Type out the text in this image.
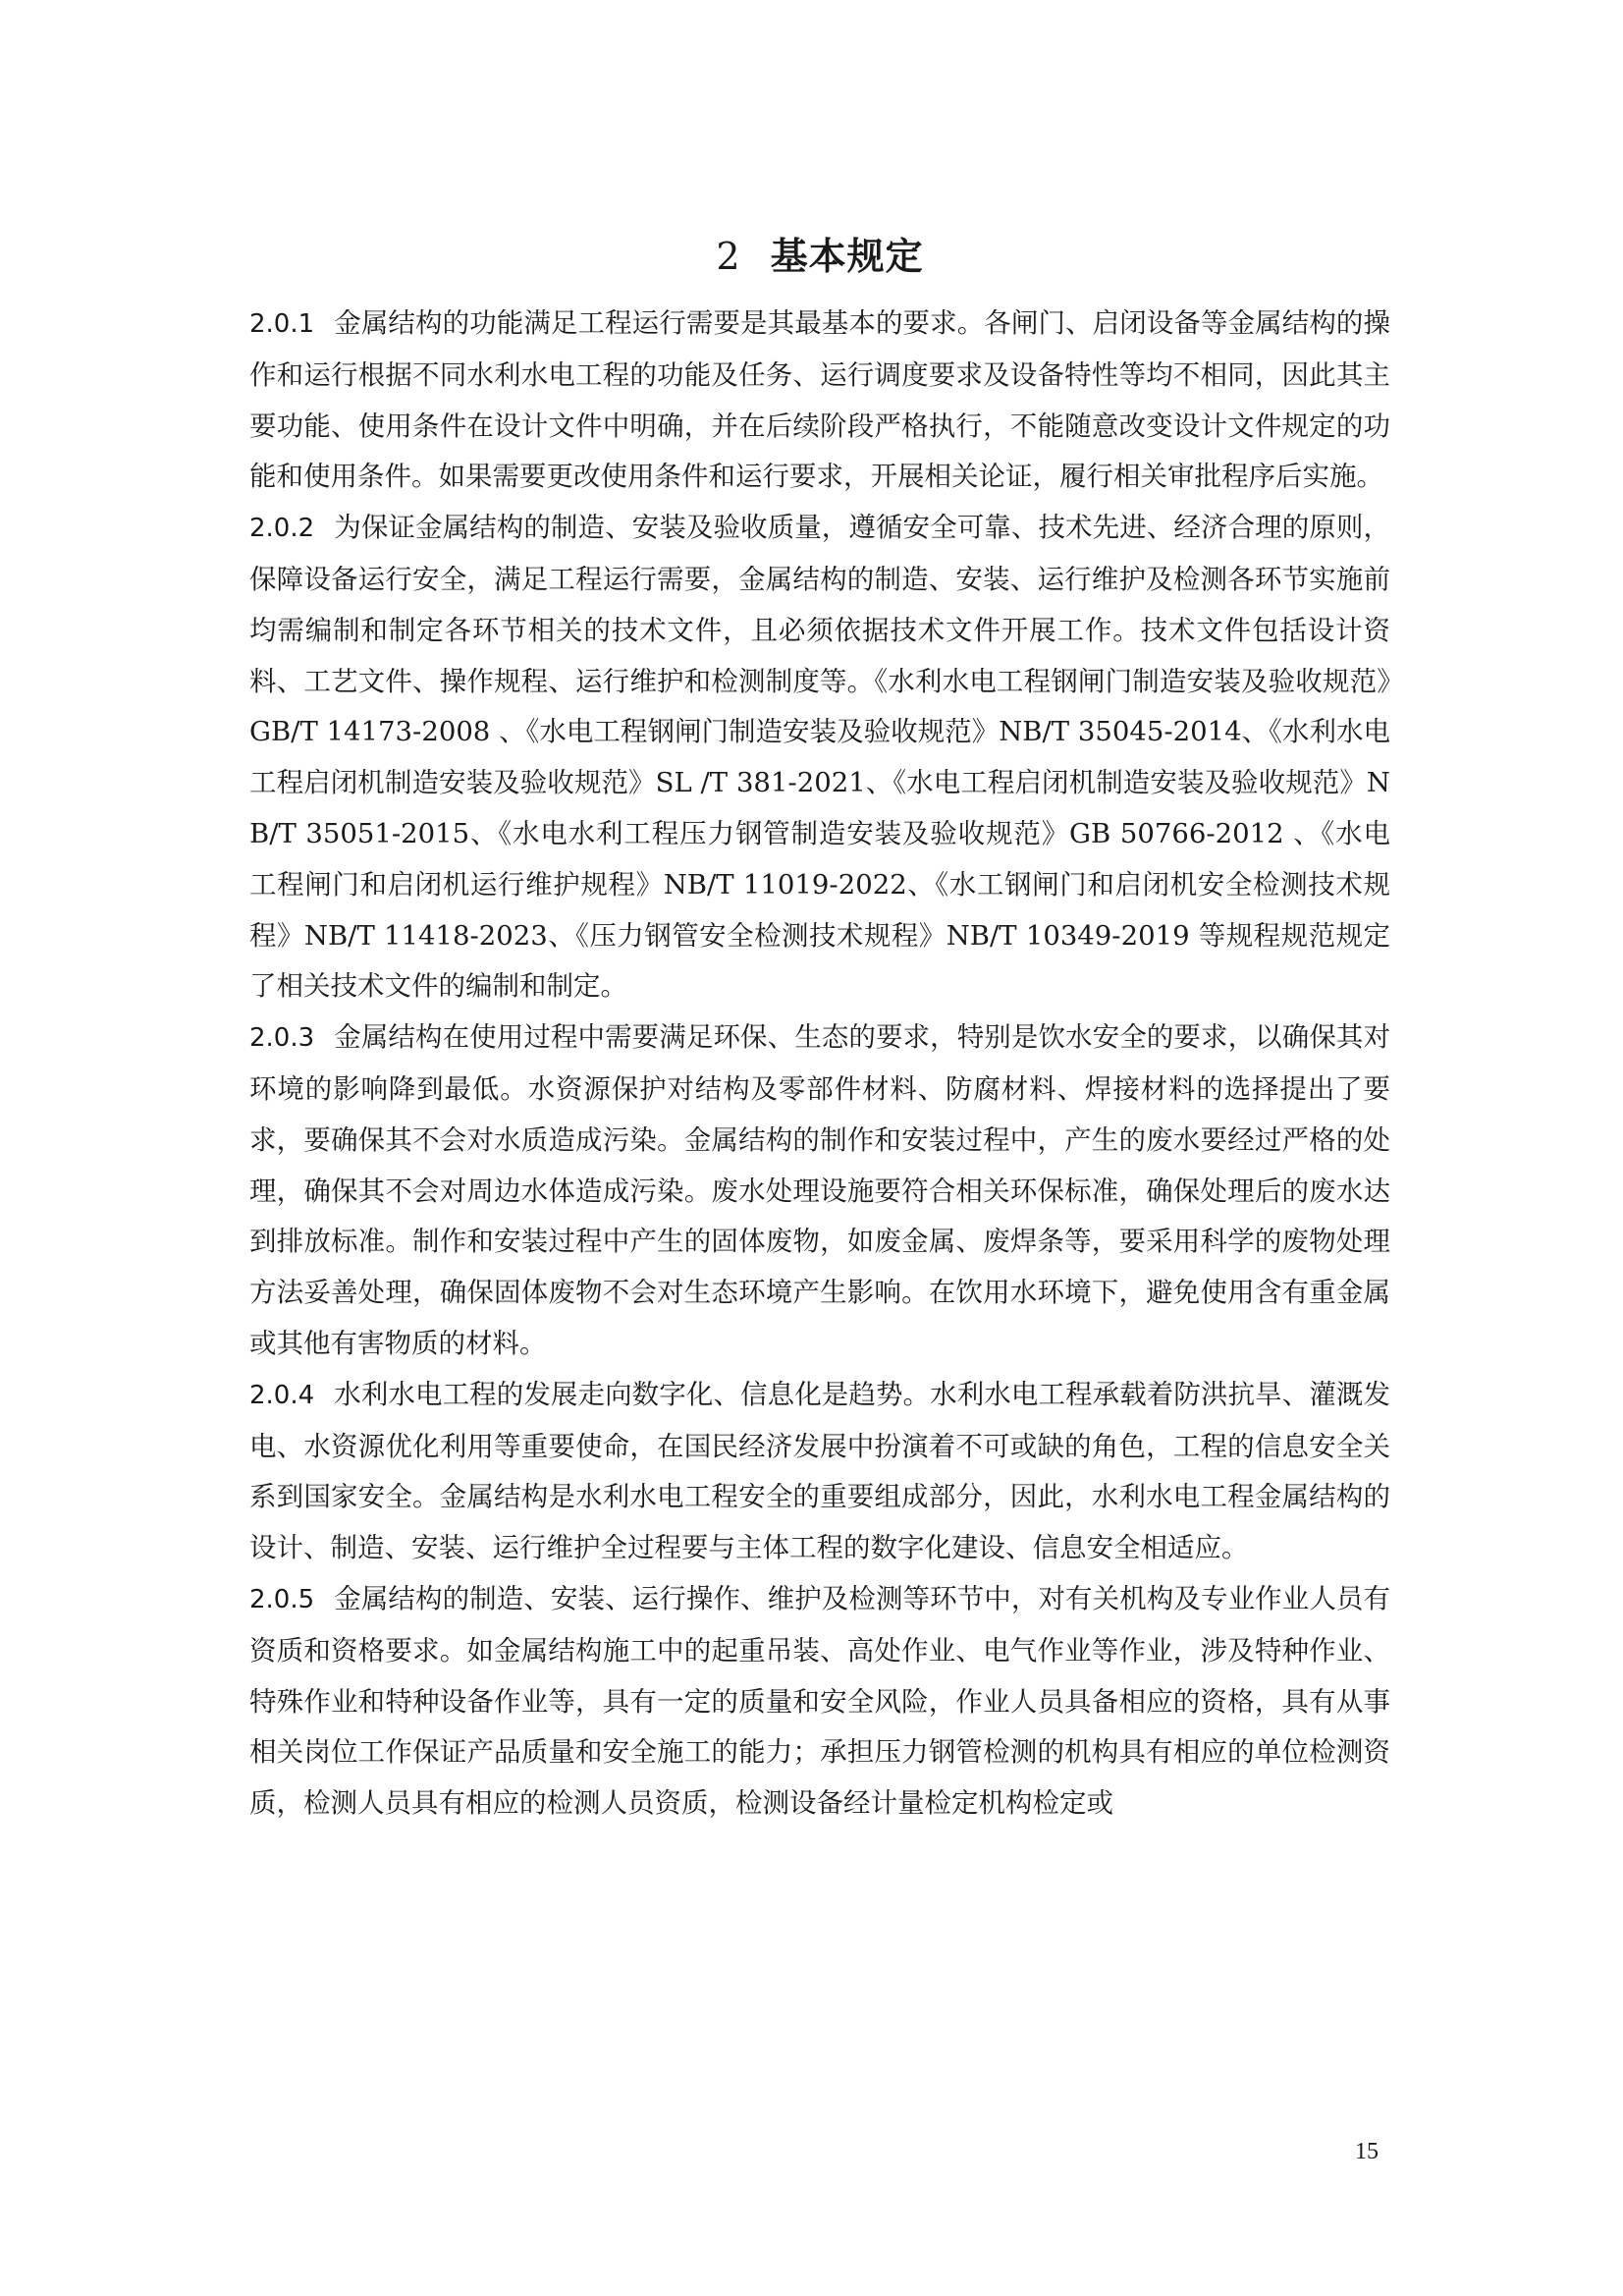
2 基本规定

2.0.1 金属结构的功能满足工程运行需要是其最基本的要求。各闸门、启闭设备等金属结构的操作和运行根据不同水利水电工程的功能及任务、运行调度要求及设备特性等均不相同，因此其主要功能、使用条件在设计文件中明确，并在后续阶段严格执行，不能随意改变设计文件规定的功能和使用条件。如果需要更改使用条件和运行要求，开展相关论证，履行相关审批程序后实施。

2.0.2 为保证金属结构的制造、安装及验收质量，遵循安全可靠、技术先进、经济合理的原则，保障设备运行安全，满足工程运行需要，金属结构的制造、安装、运行维护及检测各环节实施前均需编制和制定各环节相关的技术文件，且必须依据技术文件开展工作。技术文件包括设计资料、工艺文件、操作规程、运行维护和检测制度等。《水利水电工程钢闸门制造安装及验收规范》GB/T 14173-2008 、《水电工程钢闸门制造安装及验收规范》NB/T 35045-2014、《水利水电工程启闭机制造安装及验收规范》SL /T 381-2021、《水电工程启闭机制造安装及验收规范》NB/T 35051-2015、《水电水利工程压力钢管制造安装及验收规范》GB 50766-2012 、《水电工程闸门和启闭机运行维护规程》NB/T 11019-2022、《水工钢闸门和启闭机安全检测技术规程》NB/T 11418-2023、《压力钢管安全检测技术规程》NB/T 10349-2019 等规程规范规定了相关技术文件的编制和制定。

2.0.3 金属结构在使用过程中需要满足环保、生态的要求，特别是饮水安全的要求，以确保其对环境的影响降到最低。水资源保护对结构及零部件材料、防腐材料、焊接材料的选择提出了要求，要确保其不会对水质造成污染。金属结构的制作和安装过程中，产生的废水要经过严格的处理，确保其不会对周边水体造成污染。废水处理设施要符合相关环保标准，确保处理后的废水达到排放标准。制作和安装过程中产生的固体废物，如废金属、废焊条等，要采用科学的废物处理方法妥善处理，确保固体废物不会对生态环境产生影响。在饮用水环境下，避免使用含有重金属或其他有害物质的材料。

2.0.4 水利水电工程的发展走向数字化、信息化是趋势。水利水电工程承载着防洪抗旱、灌溉发电、水资源优化利用等重要使命，在国民经济发展中扮演着不可或缺的角色，工程的信息安全关系到国家安全。金属结构是水利水电工程安全的重要组成部分，因此，水利水电工程金属结构的设计、制造、安装、运行维护全过程要与主体工程的数字化建设、信息安全相适应。

2.0.5 金属结构的制造、安装、运行操作、维护及检测等环节中，对有关机构及专业作业人员有资质和资格要求。如金属结构施工中的起重吊装、高处作业、电气作业等作业，涉及特种作业、特殊作业和特种设备作业等，具有一定的质量和安全风险，作业人员具备相应的资格，具有从事相关岗位工作保证产品质量和安全施工的能力；承担压力钢管检测的机构具有相应的单位检测资质，检测人员具有相应的检测人员资质，检测设备经计量检定机构检定或

15
